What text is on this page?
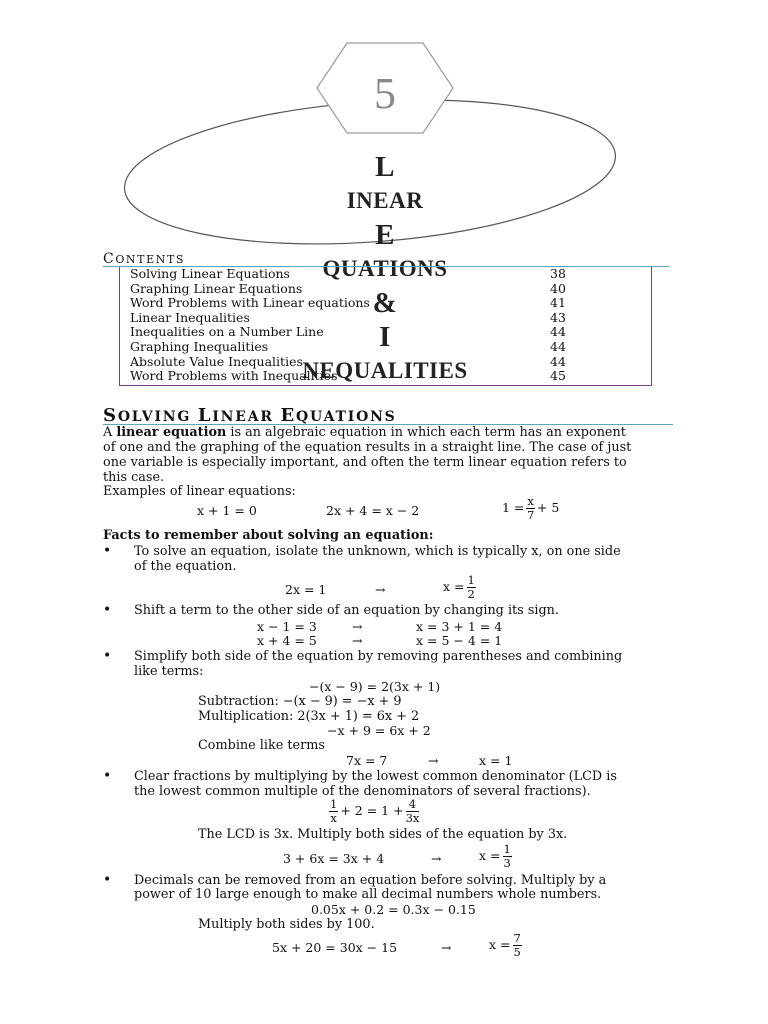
5
L
INEAR
E
QUATIONS
&
I
NEQUALITIES
CONTENTS
Solving Linear Equations	38
Graphing Linear Equations	40
Word Problems with Linear equations	41
Linear Inequalities	43
Inequalities on a Number Line	44
Graphing Inequalities	44
Absolute Value Inequalities	44
Word Problems with Inequalities	45
SOLVING LINEAR EQUATIONS
A linear equation is an algebraic equation in which each term has an exponent
of one and the graphing of the equation results in a straight line. The case of just
one variable is especially important, and often the term linear equation refers to
this case.
Examples of linear equations:
x + 1 = 0	2x + 4 = x − 2	$1 = \frac{x}{7} + 5$
Facts to remember about solving an equation:
• To solve an equation, isolate the unknown, which is typically x, on one side
of the equation.
2x = 1	→	$x = \frac{1}{2}$
• Shift a term to the other side of an equation by changing its sign.
x − 1 = 3	→	x = 3 + 1 = 4
x + 4 = 5	→	x = 5 − 4 = 1
• Simplify both side of the equation by removing parentheses and combining
like terms:
−(x − 9) = 2(3x + 1)
Subtraction: −(x − 9) = −x + 9
Multiplication: 2(3x + 1) = 6x + 2
−x + 9 = 6x + 2
Combine like terms
7x = 7	→	x = 1
• Clear fractions by multiplying by the lowest common denominator (LCD is
the lowest common multiple of the denominators of several fractions).
$\frac{1}{x} + 2 = 1 + \frac{4}{3x}$
The LCD is 3x. Multiply both sides of the equation by 3x.
3 + 6x = 3x + 4	→	$x = \frac{1}{3}$
• Decimals can be removed from an equation before solving. Multiply by a
power of 10 large enough to make all decimal numbers whole numbers.
0.05x + 0.2 = 0.3x − 0.15
Multiply both sides by 100.
5x + 20 = 30x − 15	→	$x = \frac{7}{5}$
